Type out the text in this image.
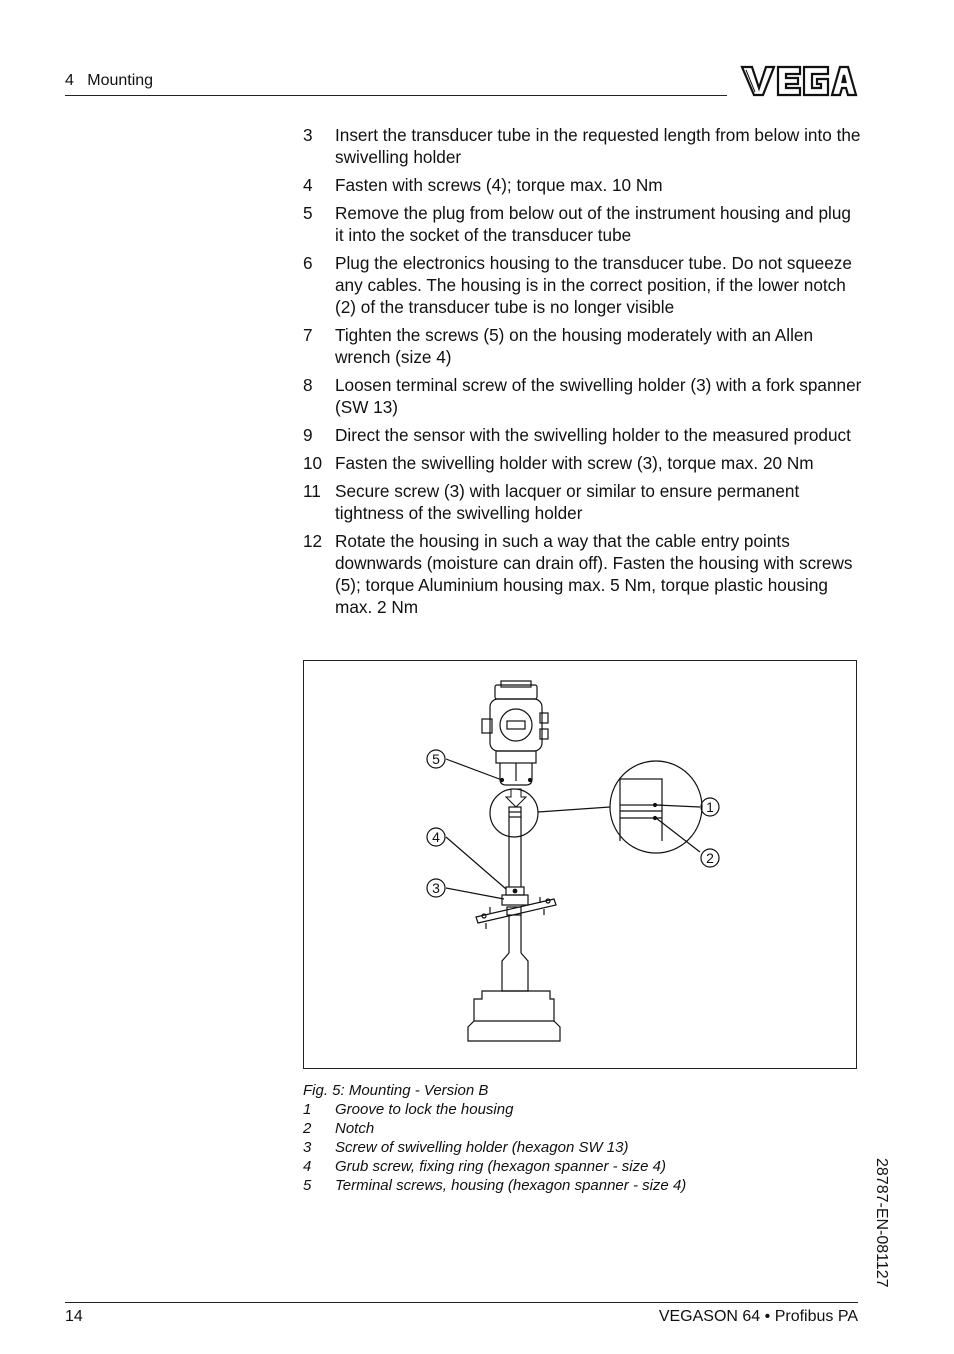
4   Mounting
3	Insert the transducer tube in the requested length from below into the swivelling holder
4	Fasten with screws (4); torque max. 10 Nm
5	Remove the plug from below out of the instrument housing and plug it into the socket of the transducer tube
6	Plug the electronics housing to the transducer tube. Do not squeeze any cables. The housing is in the correct position, if the lower notch (2) of the transducer tube is no longer visible
7	Tighten the screws (5) on the housing moderately with an Allen wrench (size 4)
8	Loosen terminal screw of the swivelling holder (3) with a fork spanner (SW 13)
9	Direct the sensor with the swivelling holder to the measured product
10 Fasten the swivelling holder with screw (3), torque max. 20 Nm
11 Secure screw (3) with lacquer or similar to ensure permanent tightness of the swivelling holder
12 Rotate the housing in such a way that the cable entry points downwards (moisture can drain off). Fasten the housing with screws (5); torque Aluminium housing max. 5 Nm, torque plastic housing max. 2 Nm
5
4
3
1
2
Fig. 5: Mounting - Version B
1	Groove to lock the housing
2	Notch
3	Screw of swivelling holder (hexagon SW 13)
4	Grub screw, fixing ring (hexagon spanner - size 4)
5	Terminal screws, housing (hexagon spanner - size 4)	28787-EN-081127
14	VEGASON 64 • Profibus PA
